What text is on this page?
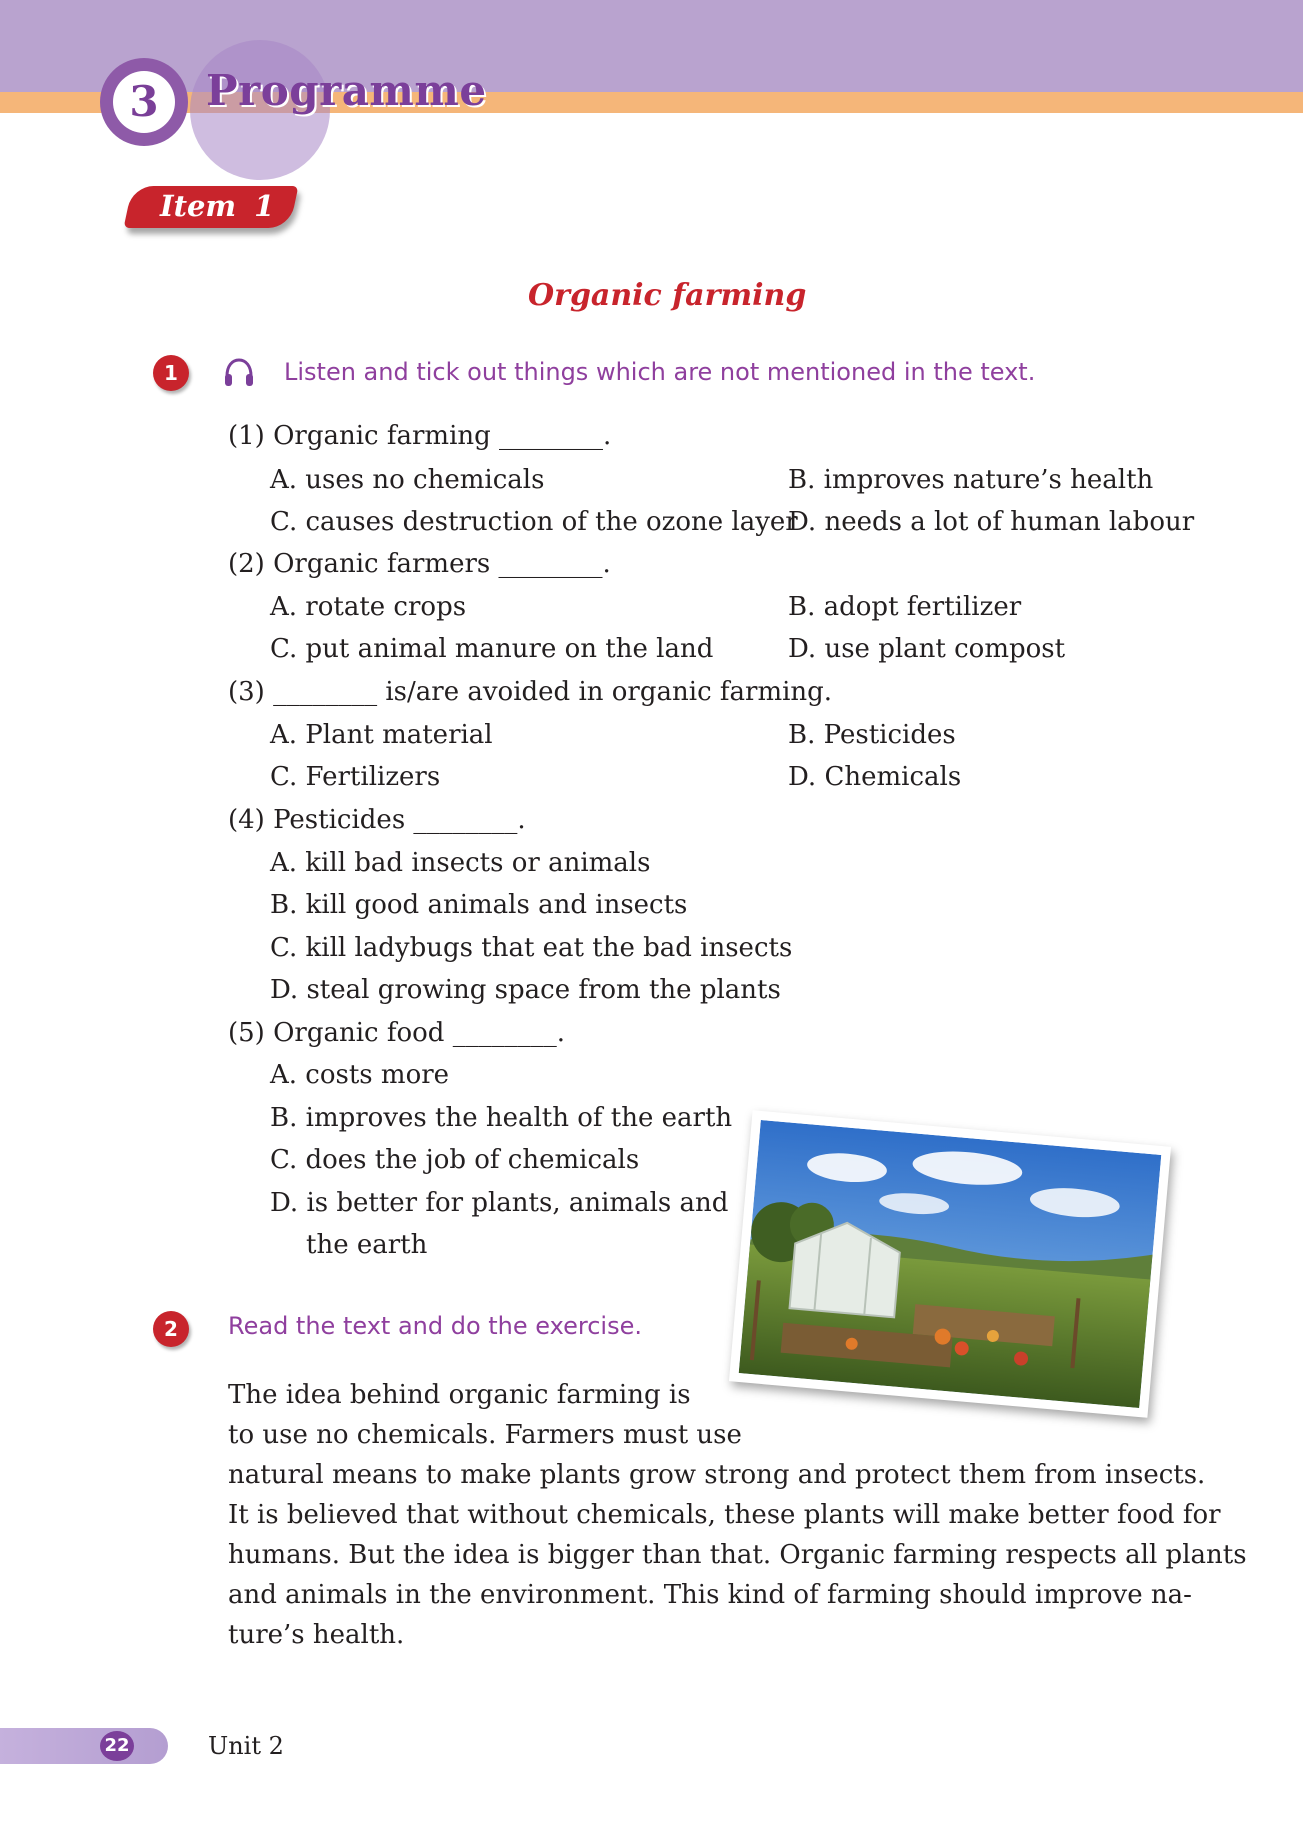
3	Programme
Item 1
Organic farming
1	Listen and tick out things which are not mentioned in the text.
(1) Organic farming ________.
A. uses no chemicals	B. improves nature’s health
C. causes destruction of the ozone layer
D. needs a lot of human labour
(2) Organic farmers ________.
A. rotate crops	B. adopt fertilizer
C. put animal manure on the land	D. use plant compost
(3) ________ is/are avoided in organic farming.
A. Plant material	B. Pesticides
C. Fertilizers	D. Chemicals
(4) Pesticides ________.
A. kill bad insects or animals
B. kill good animals and insects
C. kill ladybugs that eat the bad insects
D. steal growing space from the plants
(5) Organic food ________.
A. costs more
B. improves the health of the earth
C. does the job of chemicals
D. is better for plants, animals and
the earth
2	Read the text and do the exercise.
The idea behind organic farming is
to use no chemicals. Farmers must use
natural means to make plants grow strong and protect them from insects.
It is believed that without chemicals, these plants will make better food for
humans. But the idea is bigger than that. Organic farming respects all plants
and animals in the environment. This kind of farming should improve na-
ture’s health.
22	Unit 2
